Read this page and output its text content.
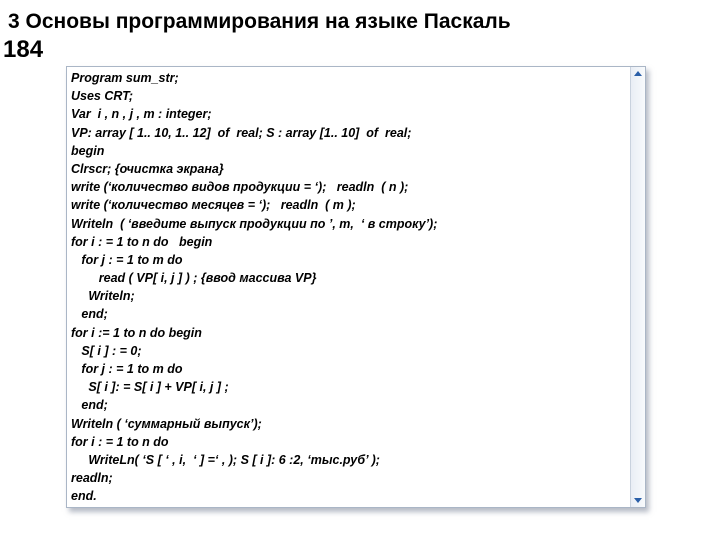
3 Основы программирования на языке Паскаль
184
Program sum_str;
Uses CRT;
Var  i , n , j , m : integer;
VP: array [ 1.. 10, 1.. 12]  of  real; S : array [1.. 10]  of  real;
begin
Clrscr; {очистка экрана}
write (‘количество видов продукции = ‘);   readln  ( n );
write (‘количество месяцев = ‘);   readln  ( m );
Writeln  ( ‘введите выпуск продукции по ’, m,  ‘ в строку’);
for i : = 1 to n do   begin
for j : = 1 to m do
read ( VP[ i, j ] ) ; {ввод массива VP}
Writeln;
end;
for i := 1 to n do begin
S[ i ] : = 0;
for j : = 1 to m do
S[ i ]: = S[ i ] + VP[ i, j ] ;
end;
Writeln ( ‘суммарный выпуск’);
for i : = 1 to n do
WriteLn( ‘S [ ‘ , i,  ‘ ] =‘ , ); S [ i ]: 6 :2, ‘тыс.руб’ );
readln;
end.
